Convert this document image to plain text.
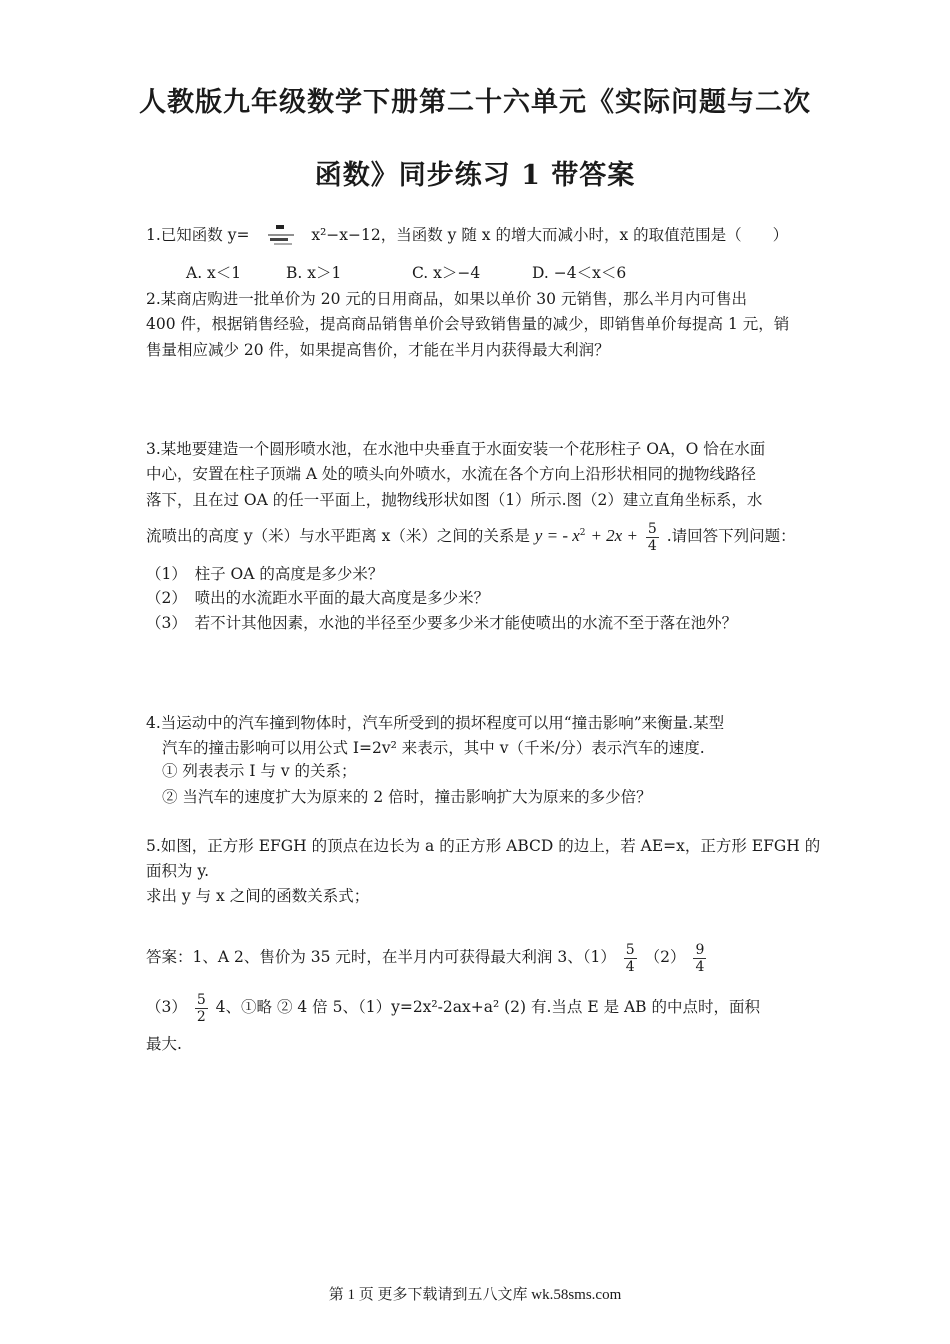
人教版九年级数学下册第二十六单元《实际问题与二次
函数》同步练习 1 带答案
1.已知函数 y=	x²−x−12，当函数 y 随 x 的增大而减小时，x 的取值范围是（　　）
A. x＜1	B. x＞1	C. x＞−4	D. −4＜x＜6
2.某商店购进一批单价为 20 元的日用商品，如果以单价 30 元销售，那么半月内可售出
400 件，根据销售经验，提高商品销售单价会导致销售量的减少，即销售单价每提高 1 元，销
售量相应减少 20 件，如果提高售价，才能在半月内获得最大利润？
3.某地要建造一个圆形喷水池，在水池中央垂直于水面安装一个花形柱子 OA，O 恰在水面
中心，安置在柱子顶端 A 处的喷头向外喷水，水流在各个方向上沿形状相同的抛物线路径
落下，且在过 OA 的任一平面上，抛物线形状如图（1）所示.图（2）建立直角坐标系，水
流喷出的高度 y（米）与水平距离 x（米）之间的关系是 y = - $x^2 + 2x + \frac{5}{4}$ .请回答下列问题：
（1）　柱子 OA 的高度是多少米？
（2）　喷出的水流距水平面的最大高度是多少米？
（3）　若不计其他因素，水池的半径至少要多少米才能使喷出的水流不至于落在池外？
4.当运动中的汽车撞到物体时，汽车所受到的损坏程度可以用“撞击影响”来衡量.某型
汽车的撞击影响可以用公式 I=2v² 来表示，其中 v（千米/分）表示汽车的速度.
① 列表表示 I 与 v 的关系；
② 当汽车的速度扩大为原来的 2 倍时，撞击影响扩大为原来的多少倍？
5.如图，正方形 EFGH 的顶点在边长为 a 的正方形 ABCD 的边上，若 AE=x，正方形 EFGH 的
面积为 y.
求出 y 与 x 之间的函数关系式；
答案：1、A 2、售价为 35 元时，在半月内可获得最大利润 3、$(1) \frac{5}{4} (2) \frac{9}{4}$
$(3) \frac{5}{2} 4$、①略 ② 4 倍 5、（1）y=2x²-2ax+a² (2) 有.当点 E 是 AB 的中点时，面积
最大.
第 1 页 更多下载请到五八文库 wk.58sms.com
